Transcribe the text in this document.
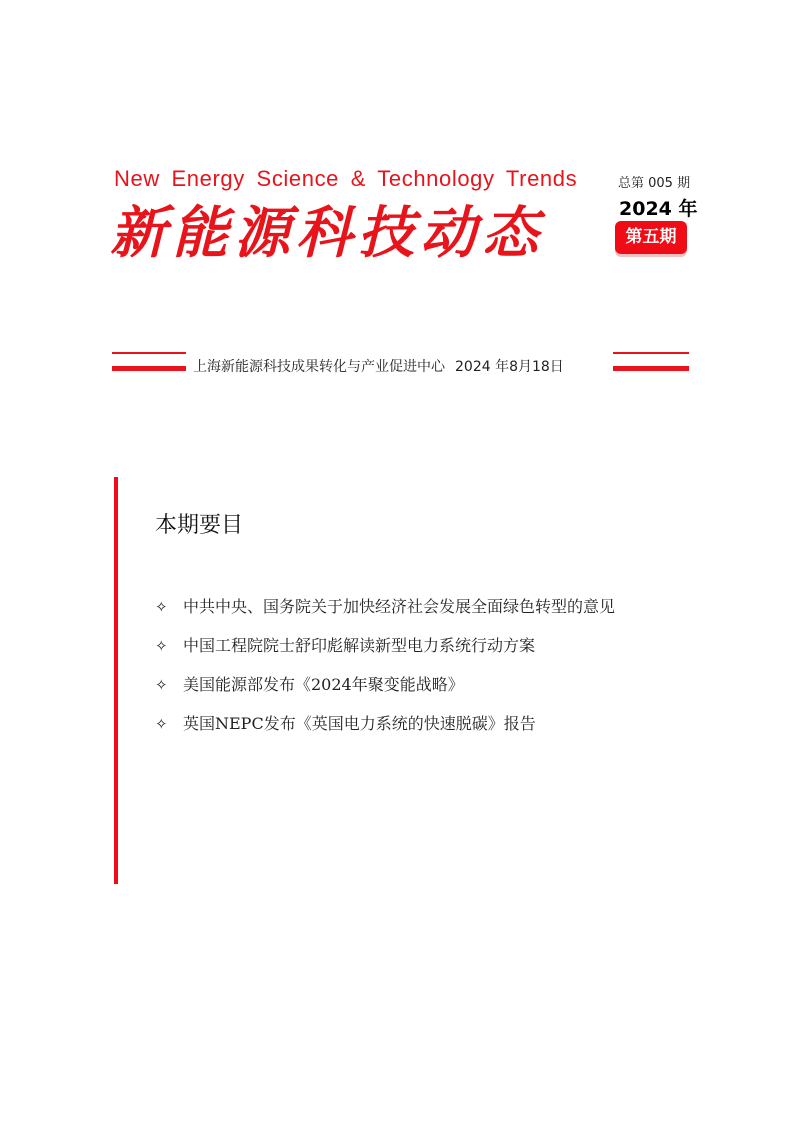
New Energy Science & Technology Trends
新能源科技动态
总第 005 期
2024 年
第五期
上海新能源科技成果转化与产业促进中心 2024 年8月18日
本期要目
✧ 中共中央、国务院关于加快经济社会发展全面绿色转型的意见
✧ 中国工程院院士舒印彪解读新型电力系统行动方案
✧ 美国能源部发布《2024年聚变能战略》
✧ 英国NEPC发布《英国电力系统的快速脱碳》报告
